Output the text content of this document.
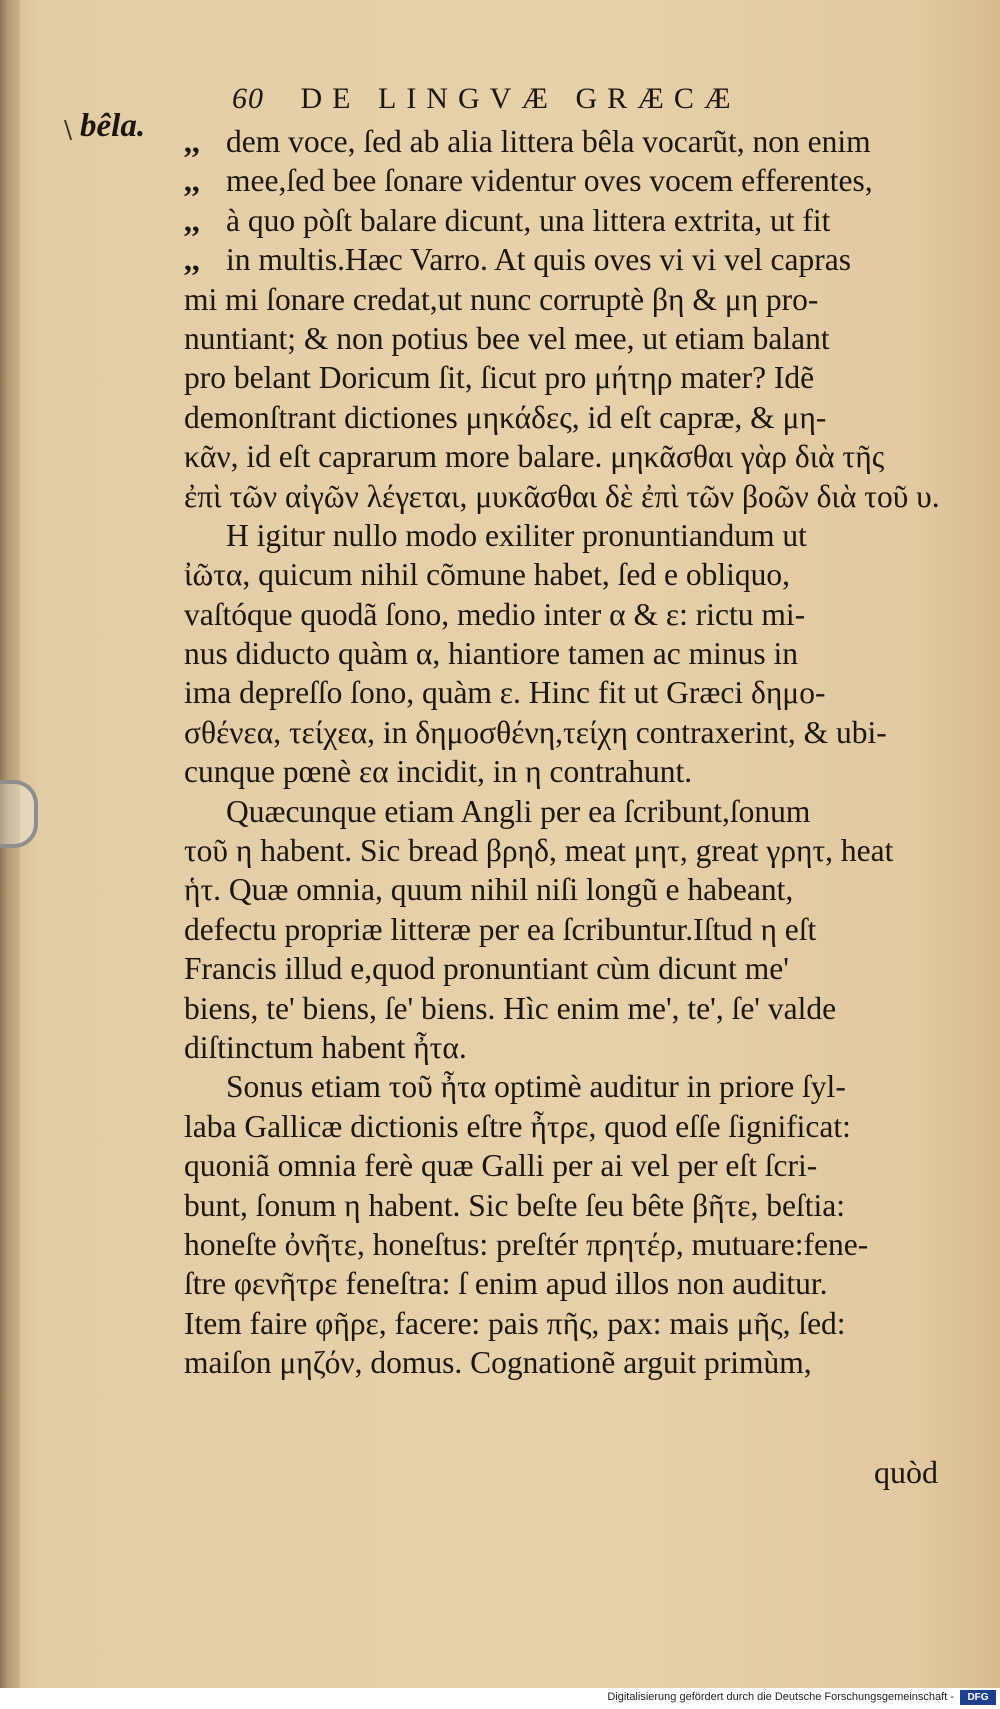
60 DE LINGVÆ GRÆCÆ
\ bêla. ,, dem voce, ſed ab alia littera bêla vocarũt, non enim
,, mee,ſed bee ſonare videntur oves vocem efferentes,
,, à quo pòſt balare dicunt, una littera extrita, ut fit
,, in multis.Hæc Varro. At quis oves vi vi vel capras
mi mi ſonare credat,ut nunc corruptè βη & μη pro-
nuntiant; & non potius bee vel mee, ut etiam balant
pro belant Doricum ſit, ſicut pro μήτηρ mater? Idẽ
demonſtrant dictiones μηκάδες, id eſt capræ, & μη-
κᾶν, id eſt caprarum more balare. μηκᾶσθαι γὰρ διὰ τῆς
ἐπὶ τῶν αἰγῶν λέγεται, μυκᾶσθαι δὲ ἐπὶ τῶν βοῶν διὰ τοῦ υ.
H igitur nullo modo exiliter pronuntiandum ut
ἰῶτα, quicum nihil cõmune habet, ſed e obliquo,
vaſtóque quodã ſono, medio inter α & ε: rictu mi-
nus diducto quàm α, hiantiore tamen ac minus in
ima depreſſo ſono, quàm ε. Hinc fit ut Græci δημο-
σθένεα, τείχεα, in δημοσθένη,τείχη contraxerint, & ubi-
cunque pœnè εα incidit, in η contrahunt.
Quæcunque etiam Angli per ea ſcribunt,ſonum
τοῦ η habent. Sic bread βρηδ, meat μητ, great γρητ, heat
ἡτ. Quæ omnia, quum nihil niſi longũ e habeant,
defectu propriæ litteræ per ea ſcribuntur.Iſtud η eſt
Francis illud e,quod pronuntiant cùm dicunt me'
biens, te' biens, ſe' biens. Hìc enim me', te', ſe' valde
diſtinctum habent ἦτα.
Sonus etiam τοῦ ἦτα optimè auditur in priore ſyl-
laba Gallicæ dictionis eſtre ἦτρε, quod eſſe ſignificat:
quoniã omnia ferè quæ Galli per ai vel per eſt ſcri-
bunt, ſonum η habent. Sic beſte ſeu bête βῆτε, beſtia:
honeſte ὀνῆτε, honeſtus: preſtér πρητέρ, mutuare:fene-
ſtre φενῆτρε feneſtra: ſ enim apud illos non auditur.
Item faire φῆρε, facere: pais πῆς, pax: mais μῆς, ſed:
maiſon μηζόν, domus. Cognationẽ arguit primùm,
quòd
Digitalisierung gefördert durch die Deutsche Forschungsgemeinschaft -	DFG
